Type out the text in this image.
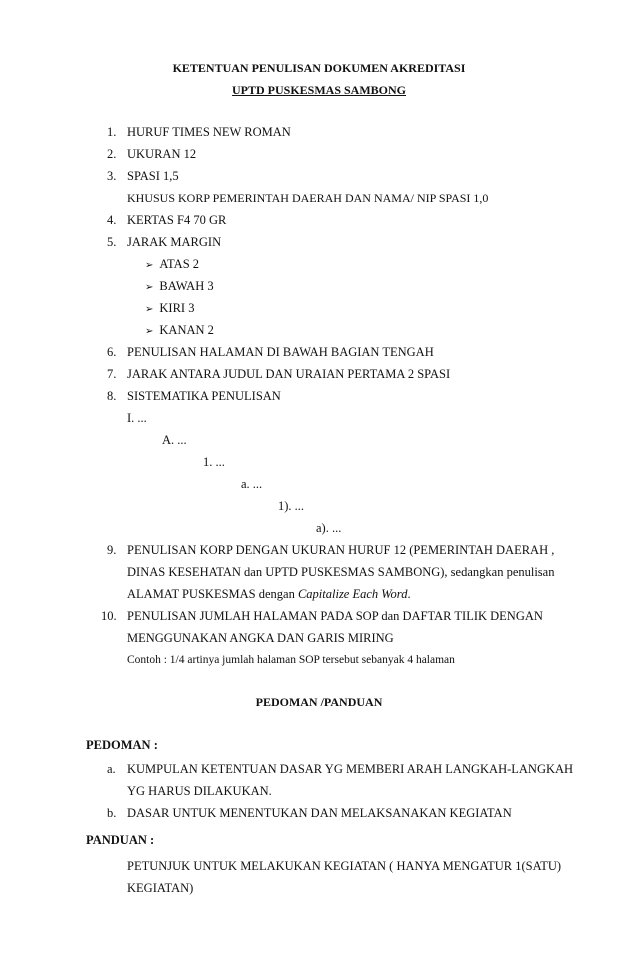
KETENTUAN PENULISAN DOKUMEN AKREDITASI
UPTD PUSKESMAS SAMBONG
1. HURUF TIMES NEW ROMAN
2. UKURAN 12
3. SPASI 1,5
KHUSUS KORP PEMERINTAH DAERAH DAN NAMA/ NIP SPASI 1,0
4. KERTAS F4 70 GR
5. JARAK MARGIN
➢ ATAS 2
➢ BAWAH 3
➢ KIRI 3
➢ KANAN 2
6. PENULISAN HALAMAN DI BAWAH BAGIAN TENGAH
7. JARAK ANTARA JUDUL DAN URAIAN PERTAMA 2 SPASI
8. SISTEMATIKA PENULISAN
I. ...
A. ...
1. ...
a. ...
1). ...
a). ...
9. PENULISAN KORP DENGAN UKURAN HURUF 12 (PEMERINTAH DAERAH ,
DINAS KESEHATAN dan UPTD PUSKESMAS SAMBONG), sedangkan penulisan
ALAMAT PUSKESMAS dengan Capitalize Each Word.
10. PENULISAN JUMLAH HALAMAN PADA SOP dan DAFTAR TILIK DENGAN
MENGGUNAKAN ANGKA DAN GARIS MIRING
Contoh : 1/4 artinya jumlah halaman SOP tersebut sebanyak 4 halaman
PEDOMAN /PANDUAN
PEDOMAN :
a. KUMPULAN KETENTUAN DASAR YG MEMBERI ARAH LANGKAH-LANGKAH
YG HARUS DILAKUKAN.
b. DASAR UNTUK MENENTUKAN DAN MELAKSANAKAN KEGIATAN
PANDUAN :
PETUNJUK UNTUK MELAKUKAN KEGIATAN ( HANYA MENGATUR 1(SATU)
KEGIATAN)
